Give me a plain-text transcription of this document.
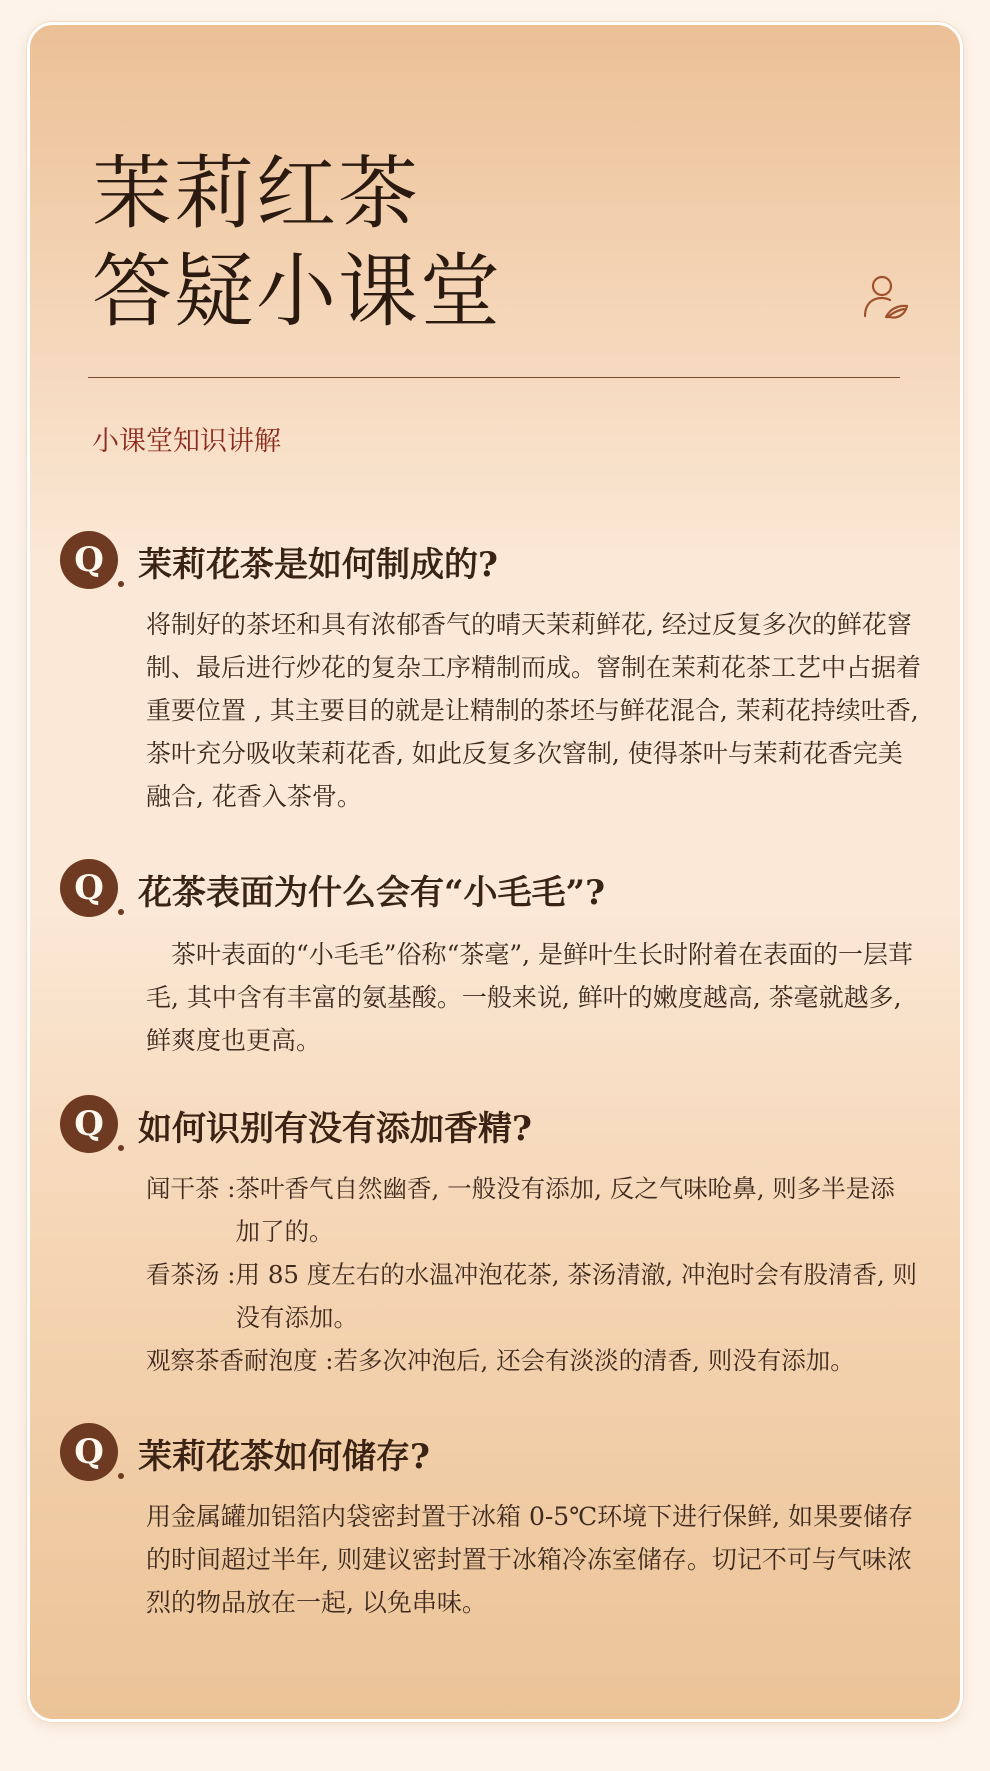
茉莉红茶
答疑小课堂
小课堂知识讲解
Q	茉莉花茶是如何制成的?

将制好的茶坯和具有浓郁香气的晴天茉莉鲜花, 经过反复多次的鲜花窨制、最后进行炒花的复杂工序精制而成。窨制在茉莉花茶工艺中占据着重要位置 , 其主要目的就是让精制的茶坯与鲜花混合, 茉莉花持续吐香, 茶叶充分吸收茉莉花香, 如此反复多次窨制, 使得茶叶与茉莉花香完美融合, 花香入茶骨。

Q	花茶表面为什么会有“小毛毛”?

　茶叶表面的“小毛毛”俗称“茶毫”, 是鲜叶生长时附着在表面的一层茸毛, 其中含有丰富的氨基酸。一般来说, 鲜叶的嫩度越高, 茶毫就越多, 鲜爽度也更高。

Q	如何识别有没有添加香精?
闻干茶 : 茶叶香气自然幽香, 一般没有添加, 反之气味呛鼻, 则多半是添 加了的。
看茶汤 : 用 85 度左右的水温冲泡花茶, 茶汤清澈, 冲泡时会有股清香, 则没有添加。
观察茶香耐泡度 : 若多次冲泡后, 还会有淡淡的清香, 则没有添加。
Q	茉莉花茶如何储存?

用金属罐加铝箔内袋密封置于冰箱 0-5℃环境下进行保鲜, 如果要储存的时间超过半年, 则建议密封置于冰箱冷冻室储存。切记不可与气味浓烈的物品放在一起, 以免串味。
